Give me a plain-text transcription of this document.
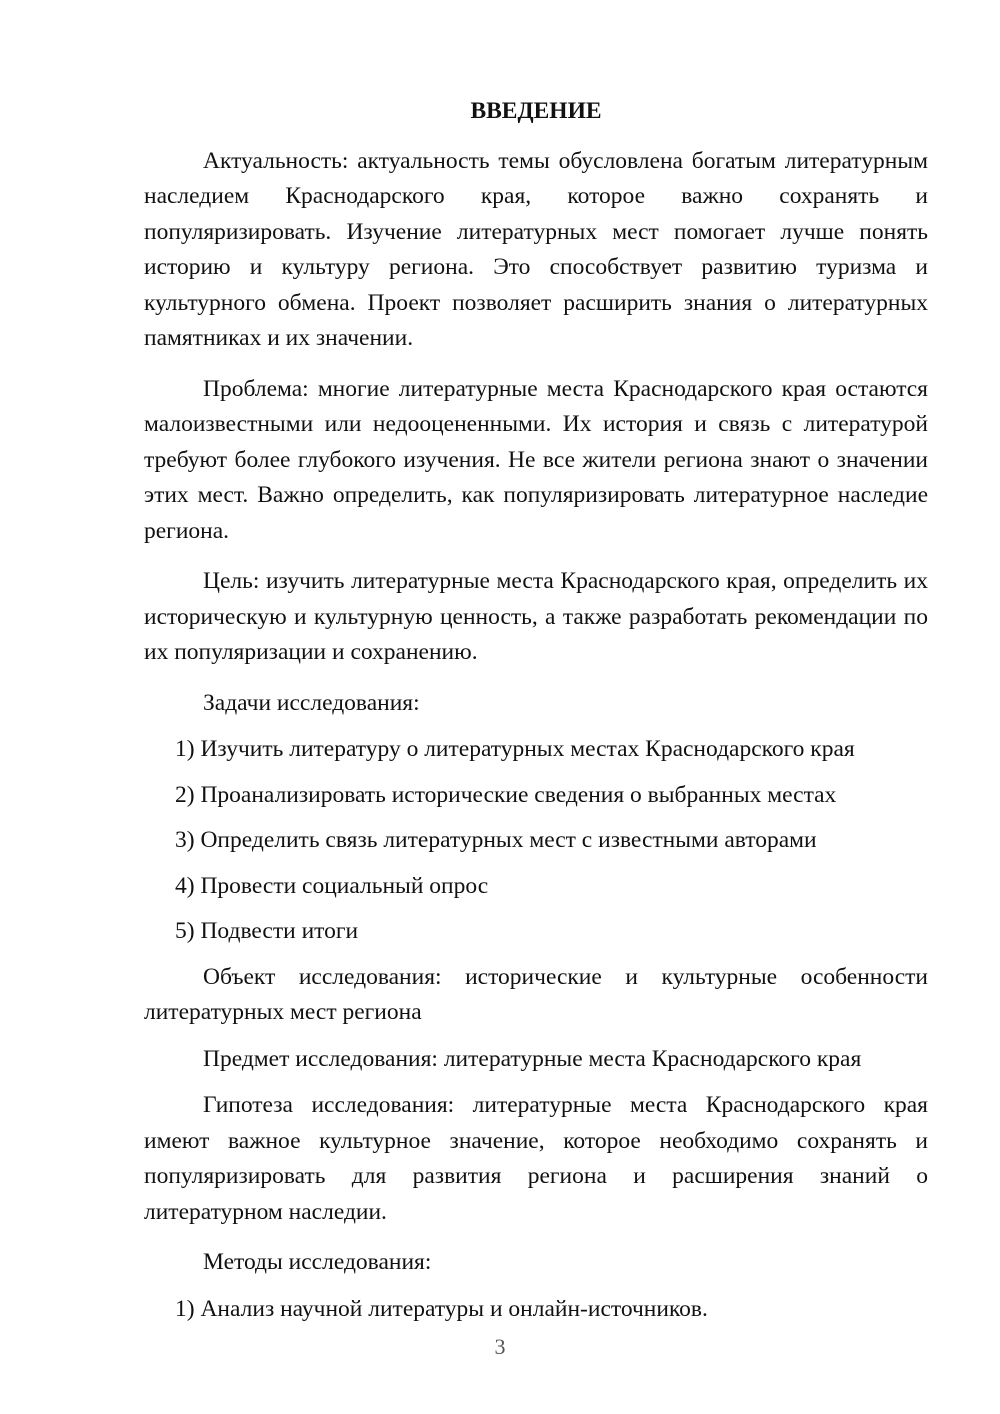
ВВЕДЕНИЕ

Актуальность: актуальность темы обусловлена богатым литературным наследием Краснодарского края, которое важно сохранять и популяризировать. Изучение литературных мест помогает лучше понять историю и культуру региона. Это способствует развитию туризма и культурного обмена. Проект позволяет расширить знания о литературных памятниках и их значении.

Проблема: многие литературные места Краснодарского края остаются малоизвестными или недооцененными. Их история и связь с литературой требуют более глубокого изучения. Не все жители региона знают о значении этих мест. Важно определить, как популяризировать литературное наследие региона.

Цель: изучить литературные места Краснодарского края, определить их историческую и культурную ценность, а также разработать рекомендации по их популяризации и сохранению.

Задачи исследования:
1) Изучить литературу о литературных местах Краснодарского края
2) Проанализировать исторические сведения о выбранных местах
3) Определить связь литературных мест с известными авторами
4) Провести социальный опрос
5) Подвести итоги

Объект исследования: исторические и культурные особенности литературных мест региона

Предмет исследования: литературные места Краснодарского края

Гипотеза исследования: литературные места Краснодарского края имеют важное культурное значение, которое необходимо сохранять и популяризировать для развития региона и расширения знаний о литературном наследии.

Методы исследования:
1) Анализ научной литературы и онлайн-источников.
3
